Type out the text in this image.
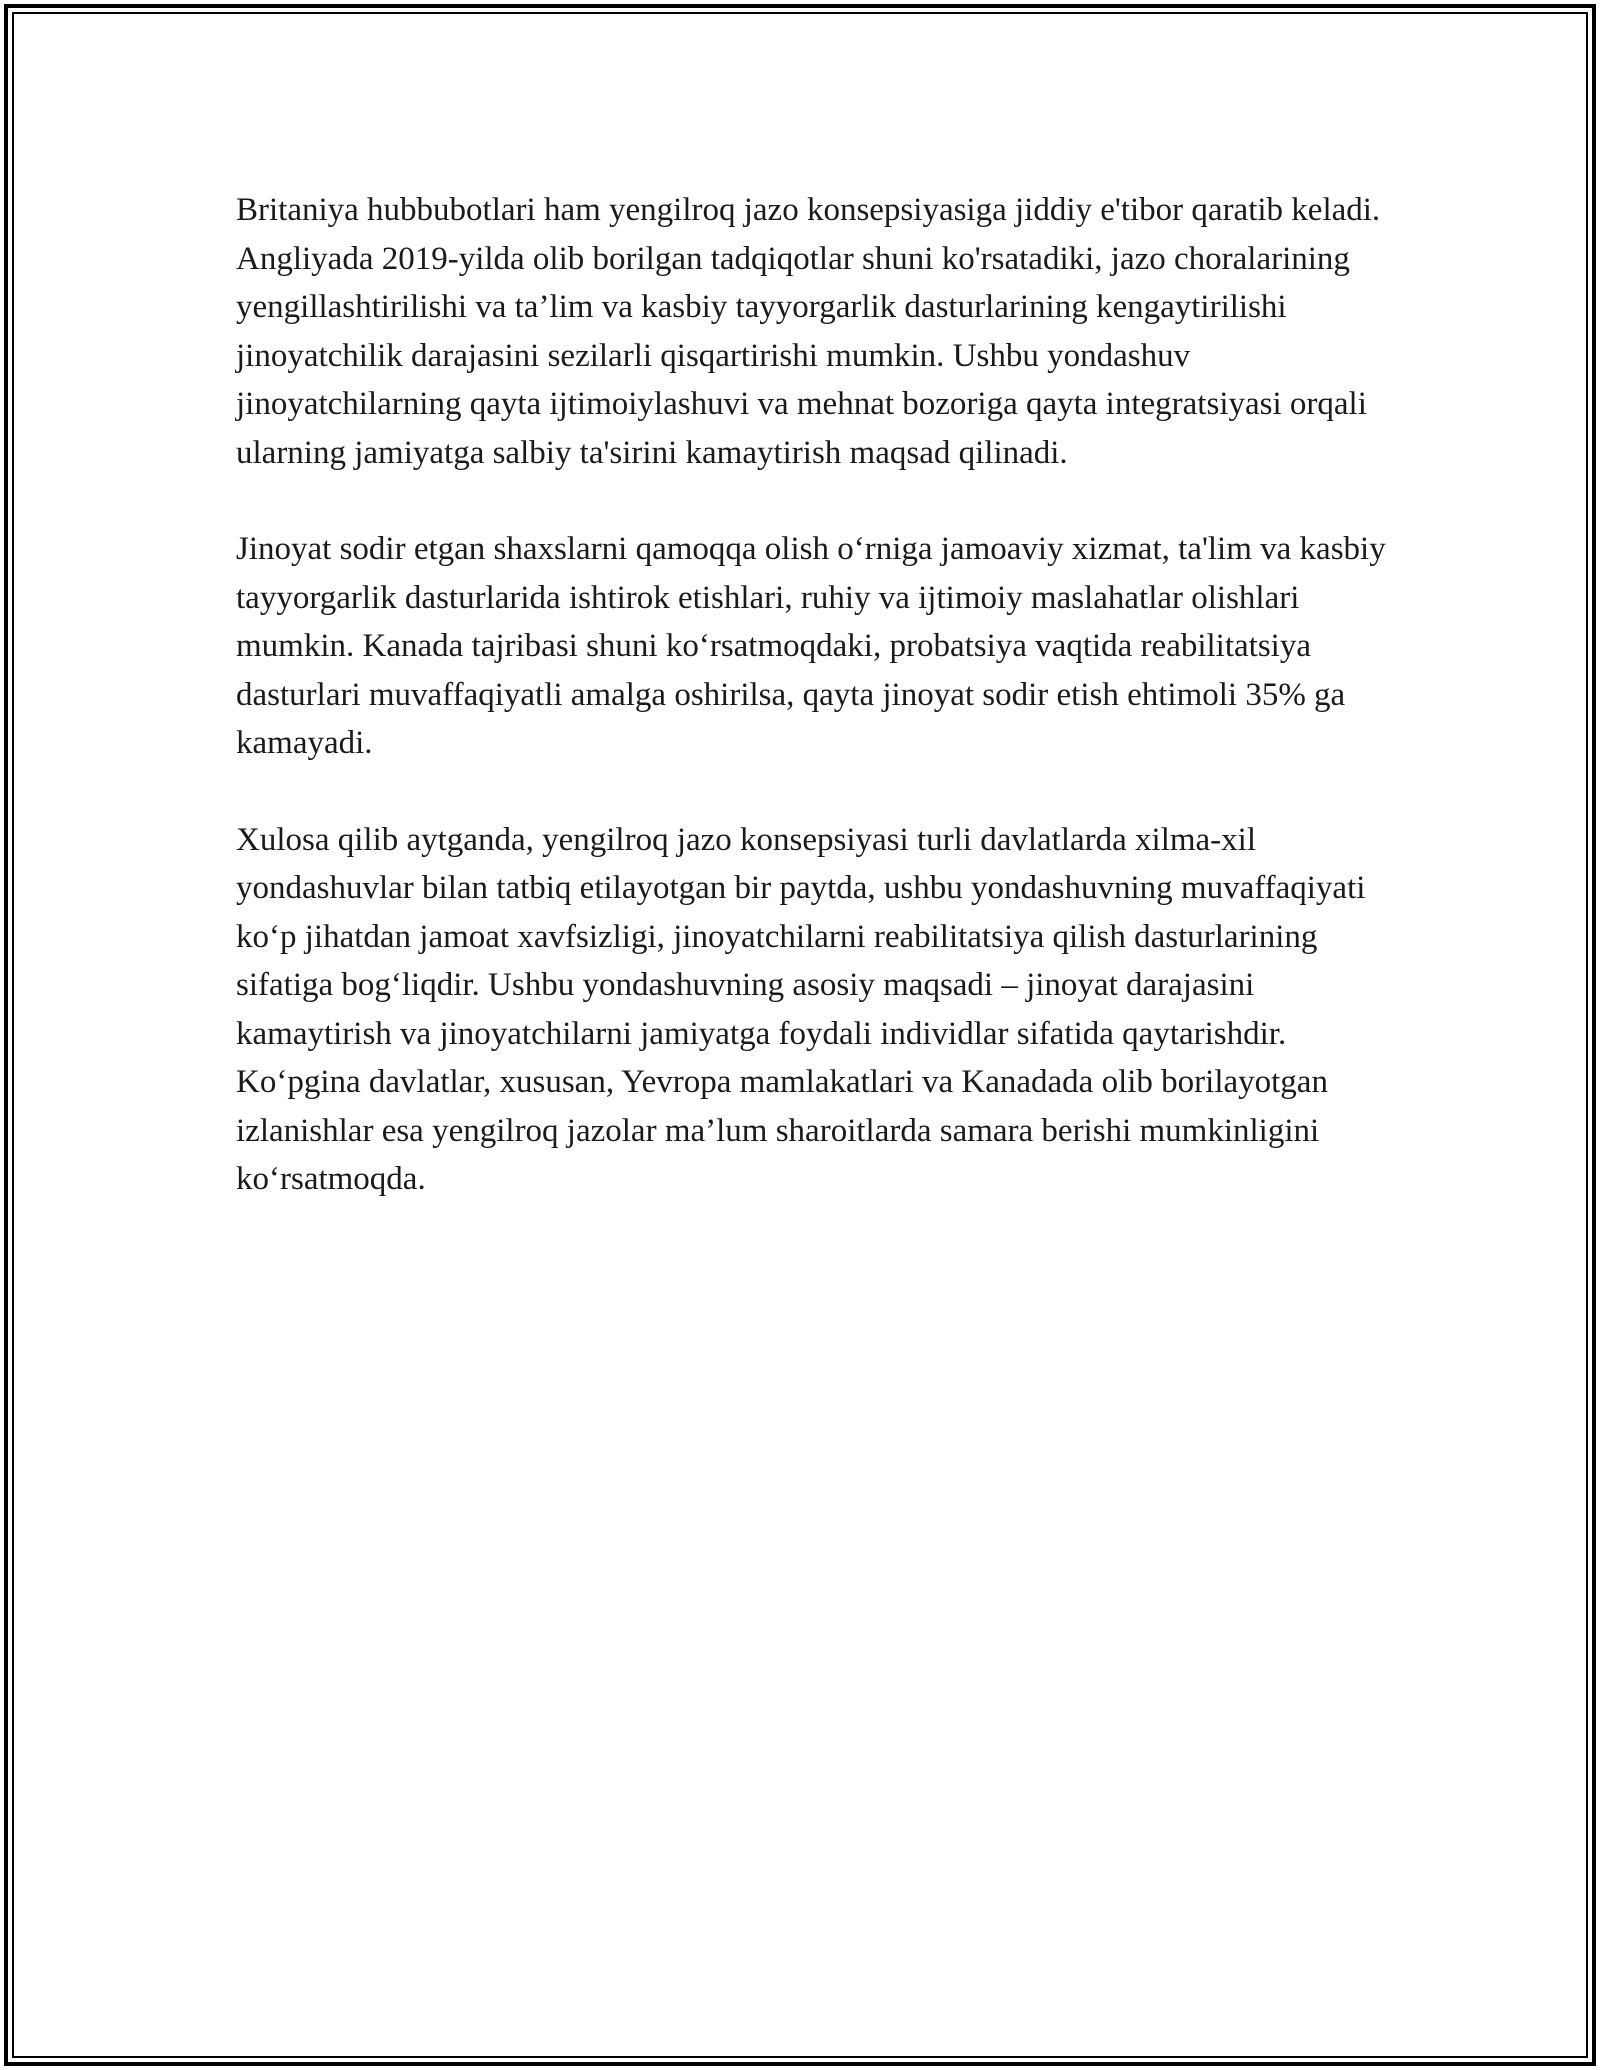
Britaniya hubbubotlari ham yengilroq jazo konsepsiyasiga jiddiy e'tibor qaratib keladi. Angliyada 2019-yilda olib borilgan tadqiqotlar shuni ko'rsatadiki, jazo choralarining yengillashtirilishi va ta’lim va kasbiy tayyorgarlik dasturlarining kengaytirilishi jinoyatchilik darajasini sezilarli qisqartirishi mumkin. Ushbu yondashuv jinoyatchilarning qayta ijtimoiylashuvi va mehnat bozoriga qayta integratsiyasi orqali ularning jamiyatga salbiy ta'sirini kamaytirish maqsad qilinadi.

Jinoyat sodir etgan shaxslarni qamoqqa olish o‘rniga jamoaviy xizmat, ta'lim va kasbiy tayyorgarlik dasturlarida ishtirok etishlari, ruhiy va ijtimoiy maslahatlar olishlari mumkin. Kanada tajribasi shuni ko‘rsatmoqdaki, probatsiya vaqtida reabilitatsiya dasturlari muvaffaqiyatli amalga oshirilsa, qayta jinoyat sodir etish ehtimoli 35% ga kamayadi.

Xulosa qilib aytganda, yengilroq jazo konsepsiyasi turli davlatlarda xilma-xil yondashuvlar bilan tatbiq etilayotgan bir paytda, ushbu yondashuvning muvaffaqiyati ko‘p jihatdan jamoat xavfsizligi, jinoyatchilarni reabilitatsiya qilish dasturlarining sifatiga bog‘liqdir. Ushbu yondashuvning asosiy maqsadi – jinoyat darajasini kamaytirish va jinoyatchilarni jamiyatga foydali individlar sifatida qaytarishdir. Ko‘pgina davlatlar, xususan, Yevropa mamlakatlari va Kanadada olib borilayotgan izlanishlar esa yengilroq jazolar ma’lum sharoitlarda samara berishi mumkinligini ko‘rsatmoqda.
